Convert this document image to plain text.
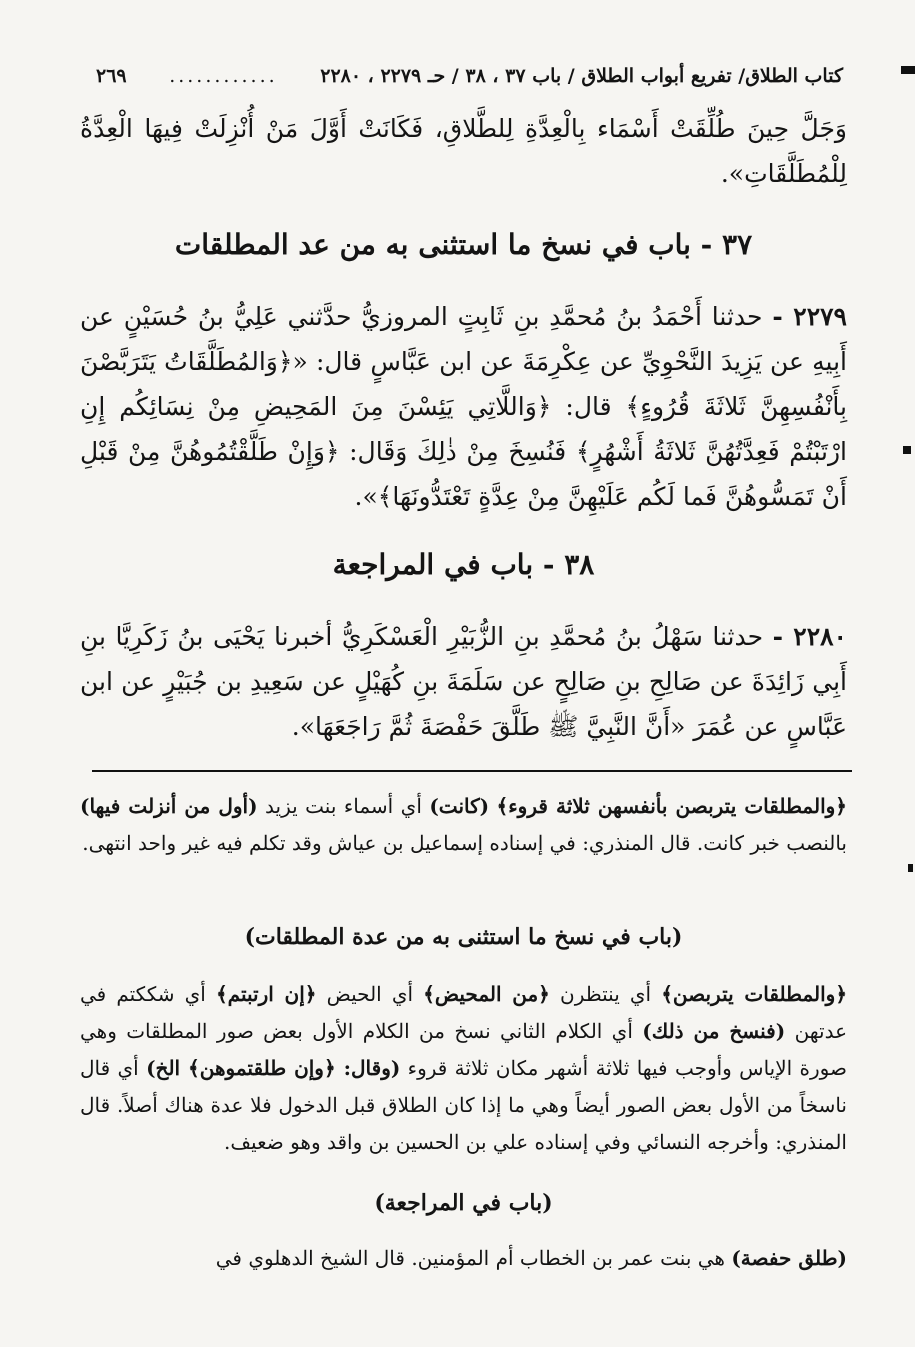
كتاب الطلاق/ تفريع أبواب الطلاق / باب ٣٧ ، ٣٨ / حـ ٢٢٧٩ ، ٢٢٨٠
............
٢٦٩
وَجَلَّ حِينَ طُلِّقَتْ أَسْمَاء بِالْعِدَّةِ لِلطَّلاقِ، فَكَانَتْ أَوَّلَ مَنْ أُنْزِلَتْ فِيهَا الْعِدَّةُ لِلْمُطَلَّقَاتِ».
٣٧ - باب في نسخ ما استثنى به من عد المطلقات
٢٢٧٩ - حدثنا أَحْمَدُ بنُ مُحمَّدِ بنِ ثَابِتٍ المروزيُّ حدَّثني عَلِيُّ بنُ حُسَيْنٍ عن أَبِيهِ عن يَزِيدَ النَّحْوِيِّ عن عِكْرِمَةَ عن ابن عَبَّاسٍ قال: «﴿وَالمُطَلَّقَاتُ يَتَرَبَّصْنَ بِأَنْفُسِهِنَّ ثَلاثَةَ قُرُوءٍ﴾ قال: ﴿وَاللَّاتِي يَئِسْنَ مِنَ المَحِيضِ مِنْ نِسَائِكُم إِنِ ارْتَبْتُمْ فَعِدَّتُهُنَّ ثَلاثَةُ أَشْهُرٍ﴾ فَنُسِخَ مِنْ ذٰلِكَ وَقَال: ﴿وَإِنْ طَلَّقْتُمُوهُنَّ مِنْ قَبْلِ أَنْ تَمَسُّوهُنَّ فَما لَكُم عَلَيْهِنَّ مِنْ عِدَّةٍ تَعْتَدُّونَهَا﴾».
٣٨ - باب في المراجعة
٢٢٨٠ - حدثنا سَهْلُ بنُ مُحمَّدِ بنِ الزُّبَيْرِ الْعَسْكَرِيُّ أخبرنا يَحْيَى بنُ زَكَرِيَّا بنِ أَبِي زَائِدَةَ عن صَالِحِ بنِ صَالِحٍ عن سَلَمَةَ بنِ كُهَيْلٍ عن سَعِيدِ بن جُبَيْرٍ عن ابن عَبَّاسٍ عن عُمَرَ «أَنَّ النَّبِيَّ ﷺ طَلَّقَ حَفْصَةَ ثُمَّ رَاجَعَهَا».
﴿والمطلقات يتربصن بأنفسهن ثلاثة قروء﴾ (كانت) أي أسماء بنت يزيد (أول من أنزلت فيها) بالنصب خبر كانت. قال المنذري: في إسناده إسماعيل بن عياش وقد تكلم فيه غير واحد انتهى.
(باب في نسخ ما استثنى به من عدة المطلقات)
﴿والمطلقات يتربصن﴾ أي ينتظرن ﴿من المحيض﴾ أي الحيض ﴿إن ارتبتم﴾ أي شككتم في عدتهن (فنسخ من ذلك) أي الكلام الثاني نسخ من الكلام الأول بعض صور المطلقات وهي صورة الإياس وأوجب فيها ثلاثة أشهر مكان ثلاثة قروء (وقال: ﴿وإن طلقتموهن﴾ الخ) أي قال ناسخاً من الأول بعض الصور أيضاً وهي ما إذا كان الطلاق قبل الدخول فلا عدة هناك أصلاً. قال المنذري: وأخرجه النسائي وفي إسناده علي بن الحسين بن واقد وهو ضعيف.
(باب في المراجعة)
(طلق حفصة) هي بنت عمر بن الخطاب أم المؤمنين. قال الشيخ الدهلوي في
